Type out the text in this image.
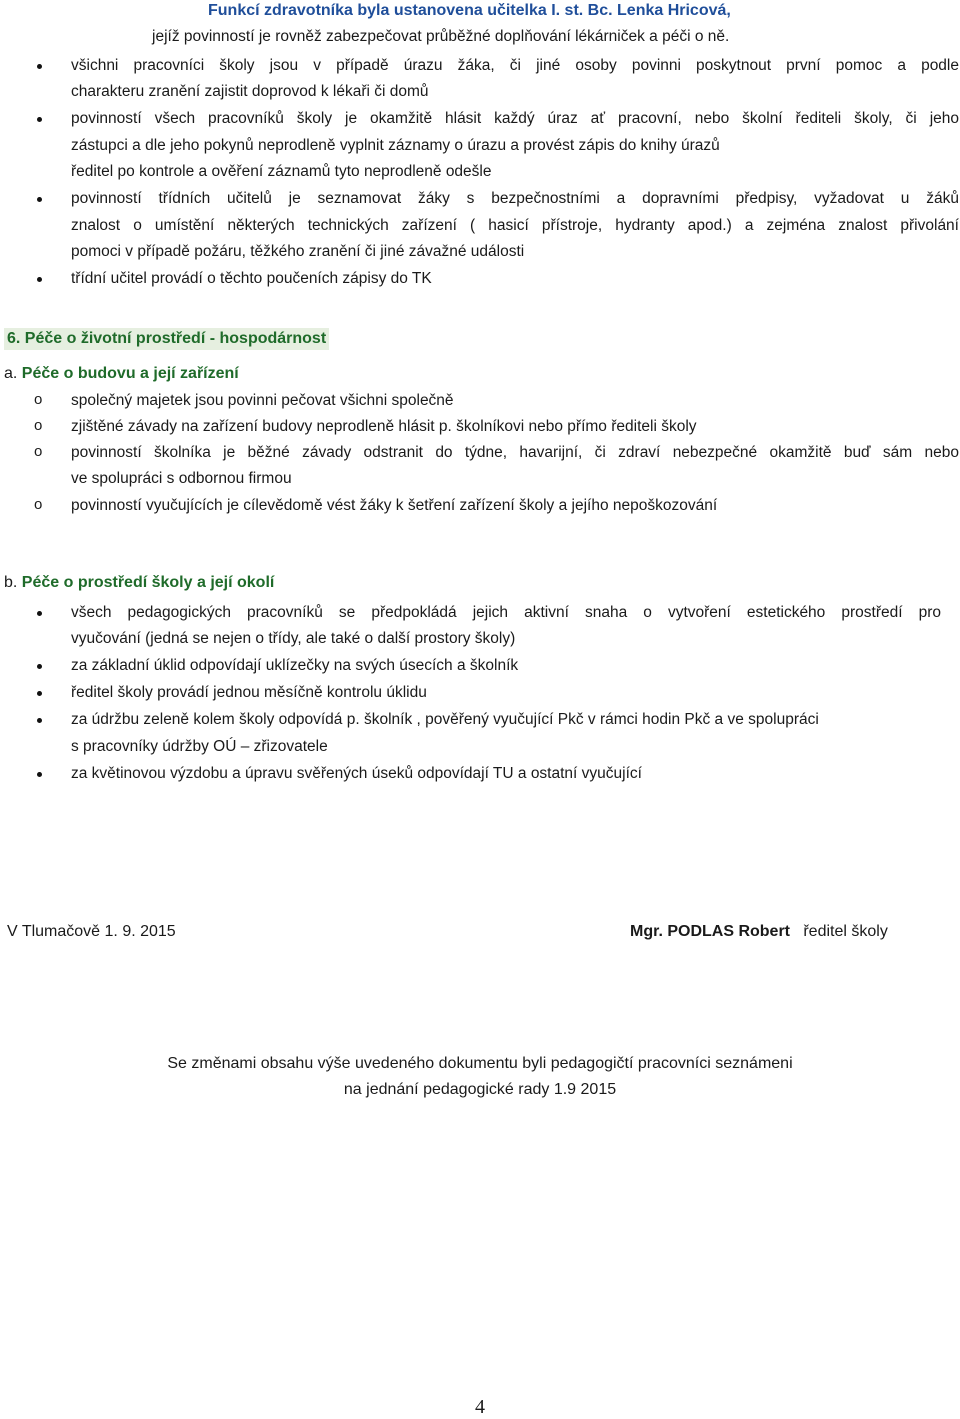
Funkcí zdravotníka byla ustanovena učitelka I. st. Bc. Lenka Hricová,
jejíž povinností je rovněž zabezpečovat průběžné doplňování lékárniček a péči o ně.
všichni pracovníci školy jsou v případě úrazu žáka, či jiné osoby povinni poskytnout první pomoc a podle
charakteru zranění zajistit doprovod k lékaři či domů
povinností všech pracovníků školy je okamžitě hlásit každý úraz ať pracovní, nebo školní řediteli školy, či jeho
zástupci a dle jeho pokynů neprodleně vyplnit záznamy o úrazu a provést zápis do knihy úrazů
ředitel po kontrole a ověření záznamů tyto neprodleně odešle
povinností třídních učitelů je seznamovat žáky s bezpečnostními a dopravními předpisy, vyžadovat u žáků
znalost o umístění některých technických zařízení ( hasicí přístroje, hydranty apod.) a zejména znalost přivolání
pomoci v případě požáru, těžkého zranění či jiné závažné události
třídní učitel provádí o těchto poučeních zápisy do TK
6. Péče o životní prostředí - hospodárnost
a. Péče o budovu a její zařízení
o společný majetek jsou povinni pečovat všichni společně
o zjištěné závady na zařízení budovy neprodleně hlásit p. školníkovi nebo přímo řediteli školy
o povinností školníka je běžné závady odstranit do týdne, havarijní, či zdraví nebezpečné okamžitě buď sám nebo
ve spolupráci s odbornou firmou
o povinností vyučujících je cílevědomě vést žáky k šetření zařízení školy a jejího nepoškozování
b. Péče o prostředí školy a její okolí
všech pedagogických pracovníků se předpokládá jejich aktivní snaha o vytvoření estetického prostředí pro
vyučování (jedná se nejen o třídy, ale také o další prostory školy)
za základní úklid odpovídají uklízečky na svých úsecích a školník
ředitel školy provádí jednou měsíčně kontrolu úklidu
za údržbu zeleně kolem školy odpovídá p. školník , pověřený vyučující Pkč v rámci hodin Pkč a ve spolupráci
s pracovníky údržby OÚ – zřizovatele
za květinovou výzdobu a úpravu svěřených úseků odpovídají TU a ostatní vyučující
V Tlumačově 1. 9. 2015	Mgr. PODLAS Robert   ředitel školy
Se změnami obsahu výše uvedeného dokumentu byli pedagogičtí pracovníci seznámeni
na jednání pedagogické rady 1.9 2015
4
